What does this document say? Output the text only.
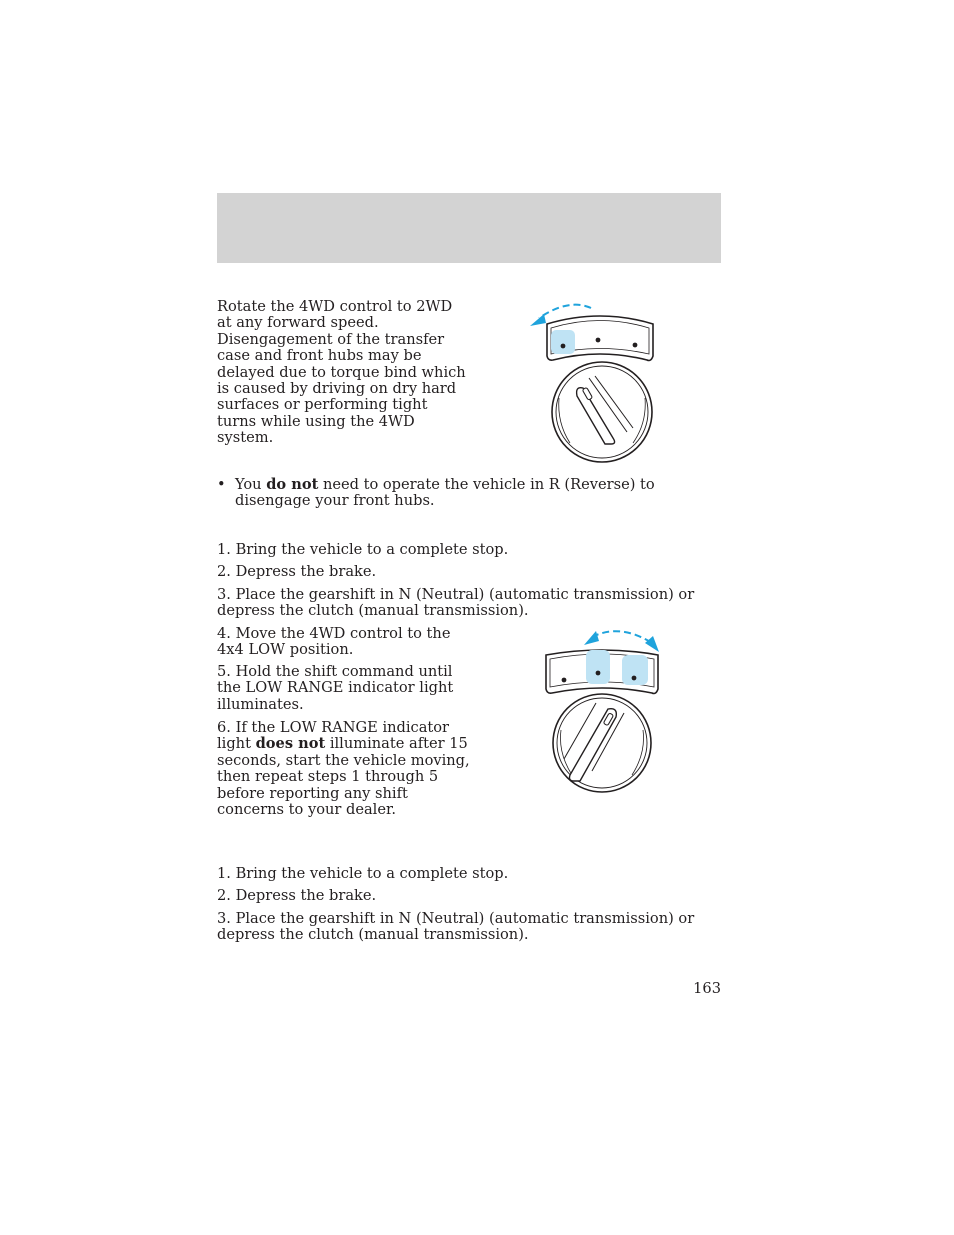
Rotate the 4WD control to 2WD at any forward speed. Disengagement of the transfer case and front hubs may be delayed due to torque bind which is caused by driving on dry hard surfaces or performing tight turns while using the 4WD system.

• You do not need to operate the vehicle in R (Reverse) to disengage your front hubs.

1. Bring the vehicle to a complete stop.

2. Depress the brake.

3. Place the gearshift in N (Neutral) (automatic transmission) or depress the clutch (manual transmission).

4. Move the 4WD control to the 4x4 LOW position.

5. Hold the shift command until the LOW RANGE indicator light illuminates.

6. If the LOW RANGE indicator light does not illuminate after 15 seconds, start the vehicle moving, then repeat steps 1 through 5 before reporting any shift concerns to your dealer.

1. Bring the vehicle to a complete stop.

2. Depress the brake.

3. Place the gearshift in N (Neutral) (automatic transmission) or depress the clutch (manual transmission).

163
